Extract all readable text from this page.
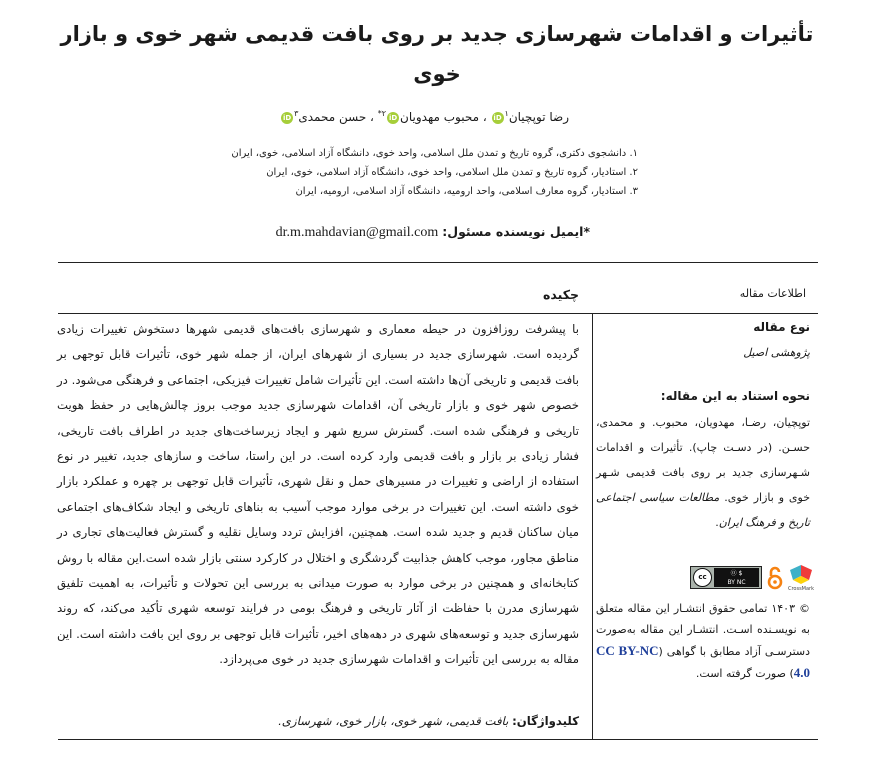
تأثیرات و اقدامات شهرسازی جدید بر روی بافت قدیمی شهر خوی و بازار خوی
رضا توپچیان$^۱$iD ، محبوب مهدویانiD$^{۲*}$ ، حسن محمدی$^۳$iD
۱. دانشجوی دکتری، گروه تاریخ و تمدن ملل اسلامی، واحد خوی، دانشگاه آزاد اسلامی، خوی، ایران
۲. استادیار، گروه تاریخ و تمدن ملل اسلامی، واحد خوی، دانشگاه آزاد اسلامی، خوی، ایران
۳. استادیار، گروه معارف اسلامی، واحد ارومیه، دانشگاه آزاد اسلامی، ارومیه، ایران
*ایمیل نویسنده مسئول: dr.m.mahdavian@gmail.com
اطلاعات مقاله
چکیده
نوع مقاله
پژوهشی اصیل
نحوه استناد به این مقاله:
توپچیان، رضـا، مهدویان، محبوب. و محمدی، حسـن. (در دسـت چاپ). تأثیرات و اقدامات شـهرسازی جدید بر روی بافت قدیمی شـهر خوی و بازار خوی. مطالعات سیاسی اجتماعی تاریخ و فرهنگ ایران.
cc	⓪ $
BY NC
CrossMark
© ۱۴۰۳ تمامی حقوق انتشـار این مقاله متعلق به نویسـنده اسـت. انتشـار این مقاله به‌صورت دسترسـی آزاد مطابق با گواهی (CC BY-NC 4.0) صورت گرفته است.
با پیشرفت روزافزون در حیطه معماری و شهرسازی بافت‌های قدیمی شهرها دستخوش تغییرات زیادی گردیده است. شهرسازی جدید در بسیاری از شهرهای ایران، از جمله شهر خوی، تأثیرات قابل توجهی بر بافت قدیمی و تاریخی آن‌ها داشته است. این تأثیرات شامل تغییرات فیزیکی، اجتماعی و فرهنگی می‌شود. در خصوص شهر خوی و بازار تاریخی آن، اقدامات شهرسازی جدید موجب بروز چالش‌هایی در حفظ هویت تاریخی و فرهنگی شده است. گسترش سریع شهر و ایجاد زیرساخت‌های جدید در اطراف بافت تاریخی، فشار زیادی بر بازار و بافت قدیمی وارد کرده است. در این راستا، ساخت و سازهای جدید، تغییر در نوع استفاده از اراضی و تغییرات در مسیرهای حمل و نقل شهری، تأثیرات قابل توجهی بر چهره و عملکرد بازار خوی داشته است. این تغییرات در برخی موارد موجب آسیب به بناهای تاریخی و ایجاد شکاف‌های اجتماعی میان ساکنان قدیم و جدید شده است. همچنین، افزایش تردد وسایل نقلیه و گسترش فعالیت‌های تجاری در مناطق مجاور، موجب کاهش جذابیت گردشگری و اختلال در کارکرد سنتی بازار شده است.این مقاله با روش کتابخانه‌ای و همچنین در برخی موارد به صورت میدانی به بررسی این تحولات و تأثیرات، به اهمیت تلفیق شهرسازی مدرن با حفاظت از آثار تاریخی و فرهنگ بومی در فرایند توسعه شهری تأکید می‌کند، که روند شهرسازی جدید و توسعه‌های شهری در دهه‌های اخیر، تأثیرات قابل توجهی بر روی این بافت داشته است. این مقاله به بررسی این تأثیرات و اقدامات شهرسازی جدید در خوی می‌پردازد.
کلیدواژگان: بافت قدیمی، شهر خوی، بازار خوی، شهرسازی.
